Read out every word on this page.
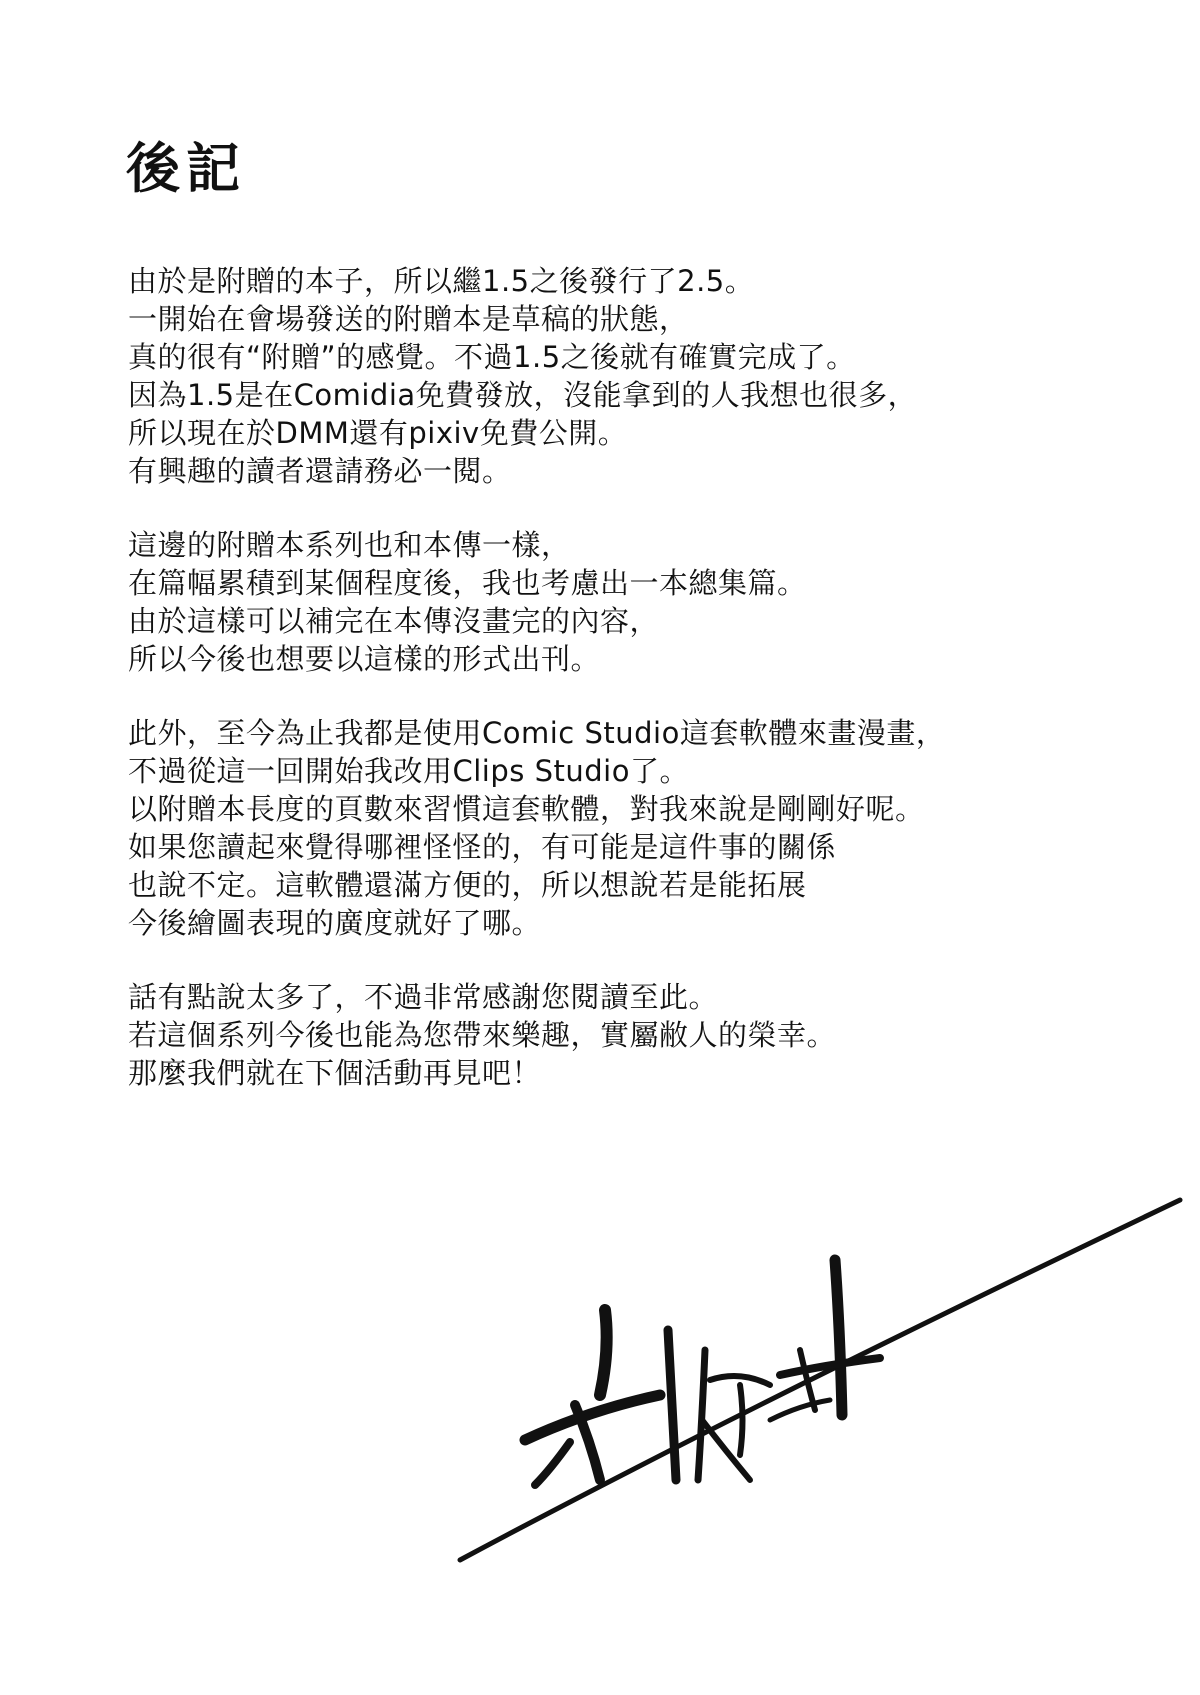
後記
由於是附贈的本子，所以繼1.5之後發行了2.5。
一開始在會場發送的附贈本是草稿的狀態，
真的很有“附贈”的感覺。不過1.5之後就有確實完成了。
因為1.5是在Comidia免費發放，沒能拿到的人我想也很多，
所以現在於DMM還有pixiv免費公開。
有興趣的讀者還請務必一閱。
這邊的附贈本系列也和本傳一樣，
在篇幅累積到某個程度後，我也考慮出一本總集篇。
由於這樣可以補完在本傳沒畫完的內容，
所以今後也想要以這樣的形式出刊。
此外，至今為止我都是使用Comic Studio這套軟體來畫漫畫，
不過從這一回開始我改用Clips Studio了。
以附贈本長度的頁數來習慣這套軟體，對我來說是剛剛好呢。
如果您讀起來覺得哪裡怪怪的，有可能是這件事的關係
也說不定。這軟體還滿方便的，所以想說若是能拓展
今後繪圖表現的廣度就好了哪。
話有點說太多了，不過非常感謝您閱讀至此。
若這個系列今後也能為您帶來樂趣，實屬敝人的榮幸。
那麼我們就在下個活動再見吧！
